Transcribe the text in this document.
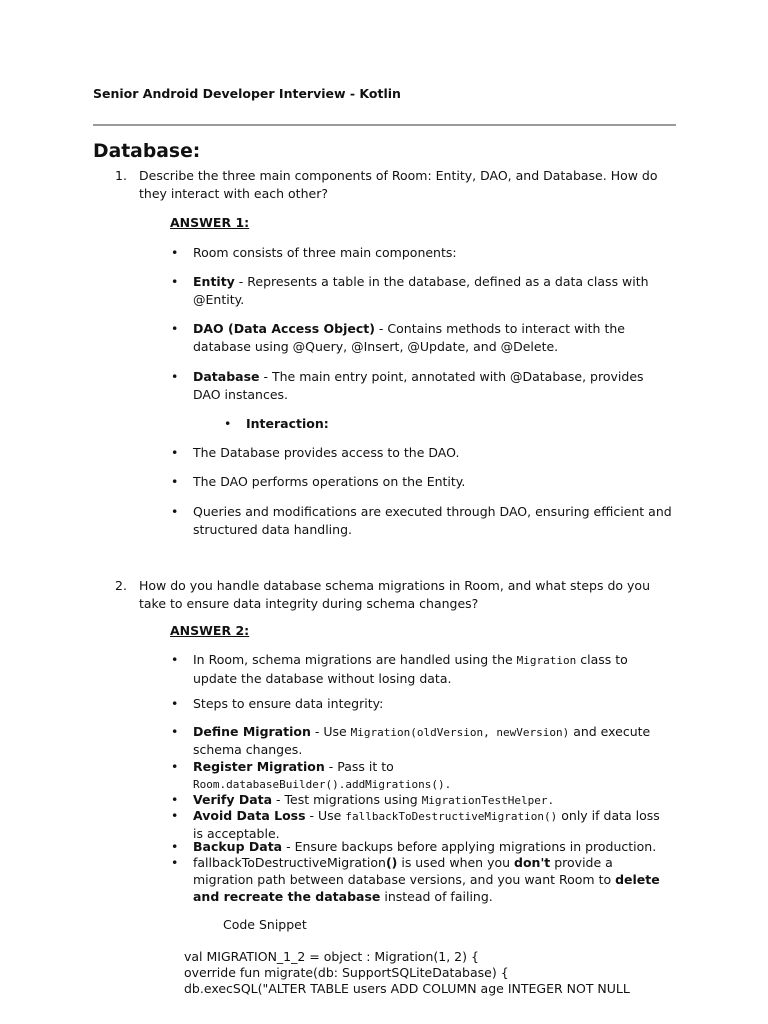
Senior Android Developer Interview - Kotlin
Database:
1. Describe the three main components of Room: Entity, DAO, and Database. How do they interact with each other?
ANSWER 1:
• Room consists of three main components:
• Entity - Represents a table in the database, defined as a data class with @Entity.
• DAO (Data Access Object) - Contains methods to interact with the database using @Query, @Insert, @Update, and @Delete.
• Database - The main entry point, annotated with @Database, provides DAO instances.
• Interaction:
• The Database provides access to the DAO.
• The DAO performs operations on the Entity.
• Queries and modifications are executed through DAO, ensuring efficient and structured data handling.
2. How do you handle database schema migrations in Room, and what steps do you take to ensure data integrity during schema changes?
ANSWER 2:
• In Room, schema migrations are handled using the Migration class to update the database without losing data.
• Steps to ensure data integrity:
• Define Migration - Use Migration(oldVersion, newVersion) and execute schema changes.
• Register Migration - Pass it to
Room.databaseBuilder().addMigrations().
• Verify Data - Test migrations using MigrationTestHelper.
• Avoid Data Loss - Use fallbackToDestructiveMigration() only if data loss is acceptable.
• Backup Data - Ensure backups before applying migrations in production.
• fallbackToDestructiveMigration() is used when you don't provide a migration path between database versions, and you want Room to delete and recreate the database instead of failing.
Code Snippet
val MIGRATION_1_2 = object : Migration(1, 2) {
override fun migrate(db: SupportSQLiteDatabase) {
db.execSQL("ALTER TABLE users ADD COLUMN age INTEGER NOT NULL
